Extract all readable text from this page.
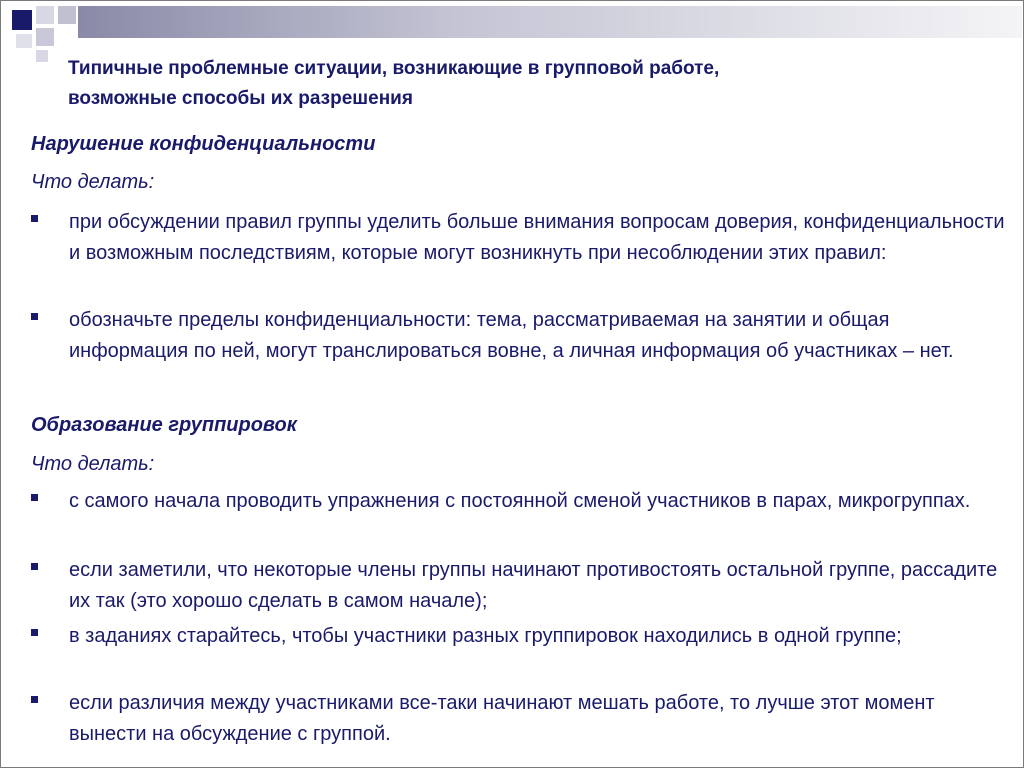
Типичные проблемные ситуации, возникающие в групповой работе,
возможные способы их разрешения
Нарушение конфиденциальности
Что делать:
при обсуждении правил группы уделить больше внимания вопросам доверия, конфиденциальности и возможным последствиям, которые могут возникнуть при несоблюдении этих правил:
обозначьте пределы конфиденциальности: тема, рассматриваемая на занятии и общая информация по ней, могут транслироваться вовне, а личная информация об участниках – нет.
Образование группировок
Что делать:
с самого начала проводить упражнения с постоянной сменой участников в парах, микрогруппах.
если заметили, что некоторые члены группы начинают противостоять остальной группе, рассадите их так (это хорошо сделать в самом начале);
в заданиях старайтесь, чтобы участники разных группировок находились в одной группе;
если различия между участниками все-таки начинают мешать работе, то лучше этот момент вынести на обсуждение с группой.
